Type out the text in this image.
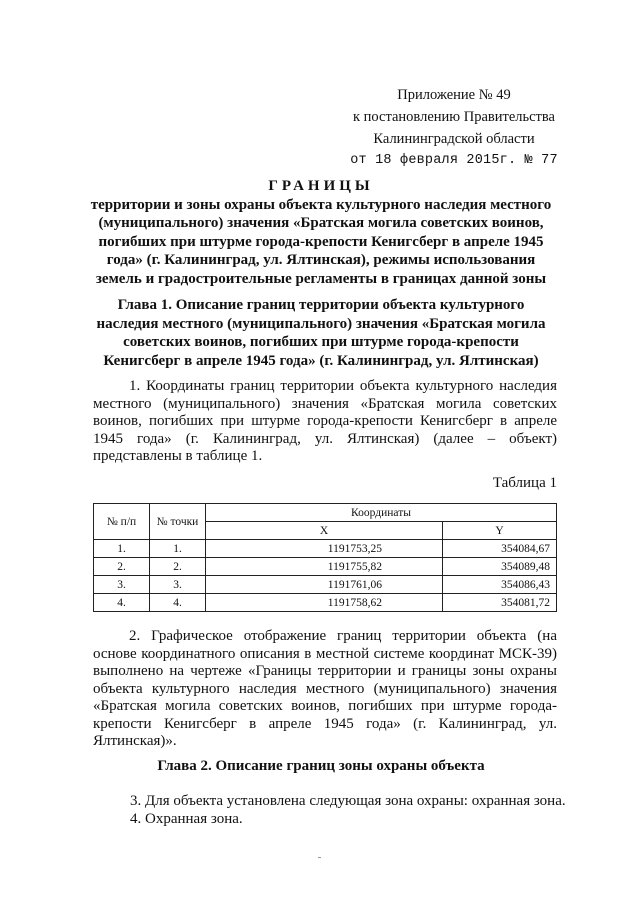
Приложение № 49
к постановлению Правительства
Калининградской области
от 18 февраля 2015г. № 77
ГРАНИЦЫ
территории и зоны охраны объекта культурного наследия местного (муниципального) значения «Братская могила советских воинов, погибших при штурме города-крепости Кенигсберг в апреле 1945 года» (г. Калининград, ул. Ялтинская), режимы использования земель и градостроительные регламенты в границах данной зоны
Глава 1. Описание границ территории объекта культурного наследия местного (муниципального) значения «Братская могила советских воинов, погибших при штурме города-крепости Кенигсберг в апреле 1945 года» (г. Калининград, ул. Ялтинская)
1. Координаты границ территории объекта культурного наследия местного (муниципального) значения «Братская могила советских воинов, погибших при штурме города-крепости Кенигсберг в апреле 1945 года» (г. Калининград, ул. Ялтинская) (далее – объект) представлены в таблице 1.
Таблица 1
№ п/п	№ точки	Координаты	
		X	Y
1.	1.	1191753,25	354084,67
2.	2.	1191755,82	354089,48
3.	3.	1191761,06	354086,43
4.	4.	1191758,62	354081,72
2. Графическое отображение границ территории объекта (на основе координатного описания в местной системе координат МСК-39) выполнено на чертеже «Границы территории и границы зоны охраны объекта культурного наследия местного (муниципального) значения «Братская могила советских воинов, погибших при штурме города-крепости Кенигсберг в апреле 1945 года» (г. Калининград, ул. Ялтинская)».
Глава 2. Описание границ зоны охраны объекта
3. Для объекта установлена следующая зона охраны: охранная зона.
4. Охранная зона.
